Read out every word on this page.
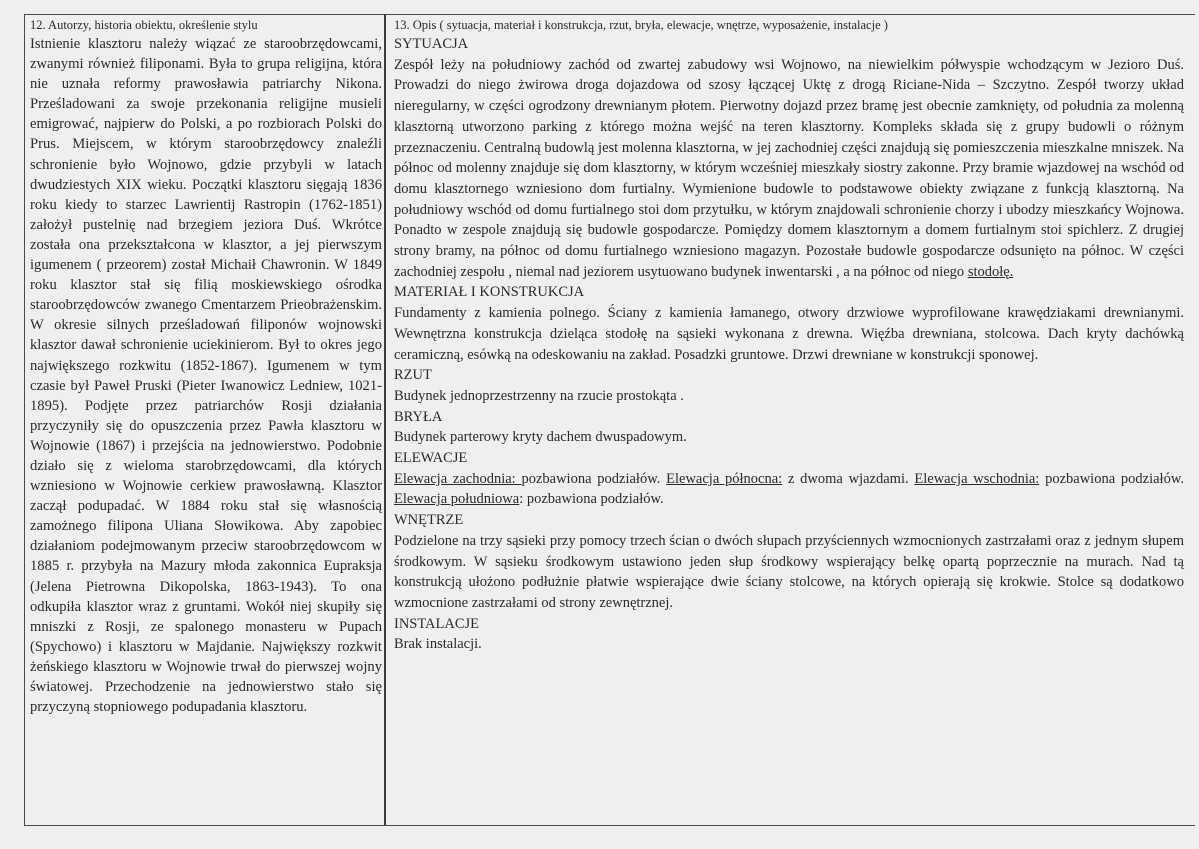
12. Autorzy, historia obiektu, określenie stylu

Istnienie klasztoru należy wiązać ze staroobrzędowcami, zwanymi również filiponami. Była to grupa religijna, która nie uznała reformy prawosławia patriarchy Nikona. Prześladowani za swoje przekonania religijne musieli emigrować, najpierw do Polski, a po rozbiorach Polski do Prus. Miejscem, w którym staroobrzędowcy znaleźli schronienie było Wojnowo, gdzie przybyli w latach dwudziestych XIX wieku. Początki klasztoru sięgają 1836 roku kiedy to starzec Lawrientij Rastropin (1762-1851) założył pustelnię nad brzegiem jeziora Duś. Wkrótce została ona przekształcona w klasztor, a jej pierwszym igumenem ( przeorem) został Michaił Chawronin. W 1849 roku klasztor stał się filią moskiewskiego ośrodka staroobrzędowców zwanego Cmentarzem Prieobrażenskim. W okresie silnych prześladowań filiponów wojnowski klasztor dawał schronienie uciekinierom. Był to okres jego największego rozkwitu (1852-1867). Igumenem w tym czasie był Paweł Pruski (Pieter Iwanowicz Ledniew, 1021-1895). Podjęte przez patriarchów Rosji działania przyczyniły się do opuszczenia przez Pawła klasztoru w Wojnowie (1867) i przejścia na jednowierstwo. Podobnie działo się z wieloma starobrzędowcami, dla których wzniesiono w Wojnowie cerkiew prawosławną. Klasztor zaczął podupadać. W 1884 roku stał się własnością zamożnego filipona Uliana Słowikowa. Aby zapobiec działaniom podejmowanym przeciw staroobrzędowcom w 1885 r. przybyła na Mazury młoda zakonnica Eupraksja (Jelena Pietrowna Dikopolska, 1863-1943). To ona odkupiła klasztor wraz z gruntami. Wokół niej skupiły się mniszki z Rosji, ze spalonego monasteru w Pupach (Spychowo) i klasztoru w Majdanie. Największy rozkwit żeńskiego klasztoru w Wojnowie trwał do pierwszej wojny światowej. Przechodzenie na jednowierstwo stało się przyczyną stopniowego podupadania klasztoru.

13. Opis ( sytuacja, materiał i konstrukcja, rzut, bryła, elewacje, wnętrze, wyposażenie, instalacje )

SYTUACJA

Zespół leży na południowy zachód od zwartej zabudowy wsi Wojnowo, na niewielkim półwyspie wchodzącym w Jezioro Duś. Prowadzi do niego żwirowa droga dojazdowa od szosy łączącej Uktę z drogą Riciane-Nida – Szczytno. Zespół tworzy układ nieregularny, w części ogrodzony drewnianym płotem. Pierwotny dojazd przez bramę jest obecnie zamknięty, od południa za molenną klasztorną utworzono parking z którego można wejść na teren klasztorny. Kompleks składa się z grupy budowli o różnym przeznaczeniu. Centralną budowlą jest molenna klasztorna, w jej zachodniej części znajdują się pomieszczenia mieszkalne mniszek. Na północ od molenny znajduje się dom klasztorny, w którym wcześniej mieszkały siostry zakonne. Przy bramie wjazdowej na wschód od domu klasztornego wzniesiono dom furtialny. Wymienione budowle to podstawowe obiekty związane z funkcją klasztorną. Na południowy wschód od domu furtialnego stoi dom przytułku, w którym znajdowali schronienie chorzy i ubodzy mieszkańcy Wojnowa. Ponadto w zespole znajdują się budowle gospodarcze. Pomiędzy domem klasztornym a domem furtialnym stoi spichlerz. Z drugiej strony bramy, na północ od domu furtialnego wzniesiono magazyn. Pozostałe budowle gospodarcze odsunięto na północ. W części zachodniej zespołu , niemal nad jeziorem usytuowano budynek inwentarski , a na północ od niego stodołę.

MATERIAŁ I KONSTRUKCJA

Fundamenty z kamienia polnego. Ściany z kamienia łamanego, otwory drzwiowe wyprofilowane krawędziakami drewnianymi. Wewnętrzna konstrukcja dzieląca stodołę na sąsieki wykonana z drewna. Więźba drewniana, stolcowa. Dach kryty dachówką ceramiczną, esówką na odeskowaniu na zakład. Posadzki gruntowe. Drzwi drewniane w konstrukcji sponowej.

RZUT

Budynek jednoprzestrzenny na rzucie prostokąta .

BRYŁA

Budynek parterowy kryty dachem dwuspadowym.

ELEWACJE

Elewacja zachodnia: pozbawiona podziałów. Elewacja północna: z dwoma wjazdami. Elewacja wschodnia: pozbawiona podziałów. Elewacja południowa: pozbawiona podziałów.

WNĘTRZE

Podzielone na trzy sąsieki przy pomocy trzech ścian o dwóch słupach przyściennych wzmocnionych zastrzałami oraz z jednym słupem środkowym. W sąsieku środkowym ustawiono jeden słup środkowy wspierający belkę opartą poprzecznie na murach. Nad tą konstrukcją ułożono podłużnie płatwie wspierające dwie ściany stolcowe, na których opierają się krokwie. Stolce są dodatkowo wzmocnione zastrzałami od strony zewnętrznej.

INSTALACJE

Brak instalacji.
